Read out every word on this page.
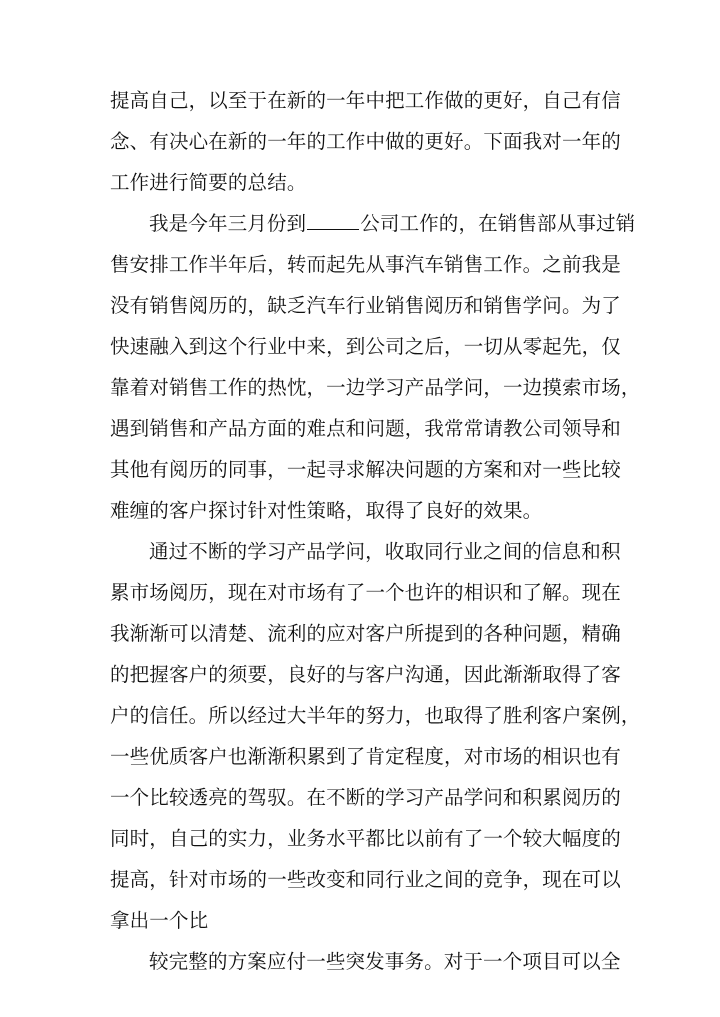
提高自己，以至于在新的一年中把工作做的更好，自己有信
念、有决心在新的一年的工作中做的更好。下面我对一年的
工作进行简要的总结。
我是今年三月份到	公司工作的，在销售部从事过销
售安排工作半年后，转而起先从事汽车销售工作。之前我是
没有销售阅历的，缺乏汽车行业销售阅历和销售学问。为了
快速融入到这个行业中来，到公司之后，一切从零起先，仅
靠着对销售工作的热忱，一边学习产品学问，一边摸索市场，
遇到销售和产品方面的难点和问题，我常常请教公司领导和
其他有阅历的同事，一起寻求解决问题的方案和对一些比较
难缠的客户探讨针对性策略，取得了良好的效果。
通过不断的学习产品学问，收取同行业之间的信息和积
累市场阅历，现在对市场有了一个也许的相识和了解。现在
我渐渐可以清楚、流利的应对客户所提到的各种问题，精确
的把握客户的须要，良好的与客户沟通，因此渐渐取得了客
户的信任。所以经过大半年的努力，也取得了胜利客户案例，
一些优质客户也渐渐积累到了肯定程度，对市场的相识也有
一个比较透亮的驾驭。在不断的学习产品学问和积累阅历的
同时，自己的实力，业务水平都比以前有了一个较大幅度的
提高，针对市场的一些改变和同行业之间的竞争，现在可以
拿出一个比
较完整的方案应付一些突发事务。对于一个项目可以全
